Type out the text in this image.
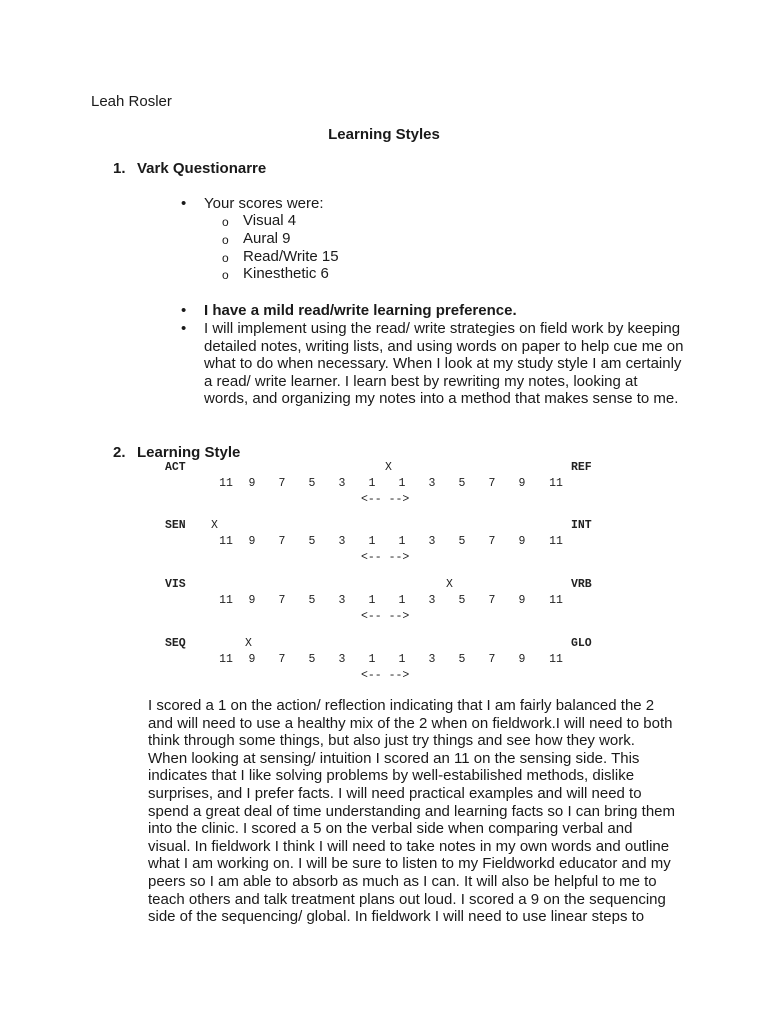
Leah Rosler
Learning Styles
1. Vark Questionarre
• Your scores were:
o Visual 4
o Aural 9
o Read/Write 15
o Kinesthetic 6
• I have a mild read/write learning preference.
• I will implement using the read/ write strategies on field work by keeping detailed notes, writing lists, and using words on paper to help cue me on what to do when necessary. When I look at my study style I am certainly a read/ write learner. I learn best by rewriting my notes, looking at words, and organizing my notes into a method that makes sense to me.
2. Learning Style
ACT	REF
X
11	9	7	5	3	1	1	3	5	7	9	11
<-- -->
SEN	INT
X
11	9	7	5	3	1	1	3	5	7	9	11
<-- -->
VIS	VRB
X
11	9	7	5	3	1	1	3	5	7	9	11
<-- -->
SEQ	GLO
X
11	9	7	5	3	1	1	3	5	7	9	11
<-- -->
I scored a 1 on the action/ reflection indicating that I am fairly balanced the 2
and will need to use a healthy mix of the 2 when on fieldwork.I will need to both
think through some things, but also just try things and see how they work.
When looking at sensing/ intuition I scored an 11 on the sensing side. This
indicates that I like solving problems by well-estabilished methods, dislike
surprises, and I prefer facts. I will need practical examples and will need to
spend a great deal of time understanding and learning facts so I can bring them
into the clinic. I scored a 5 on the verbal side when comparing verbal and
visual. In fieldwork I think I will need to take notes in my own words and outline
what I am working on. I will be sure to listen to my Fieldworkd educator and my
peers so I am able to absorb as much as I can. It will also be helpful to me to
teach others and talk treatment plans out loud. I scored a 9 on the sequencing
side of the sequencing/ global. In fieldwork I will need to use linear steps to
